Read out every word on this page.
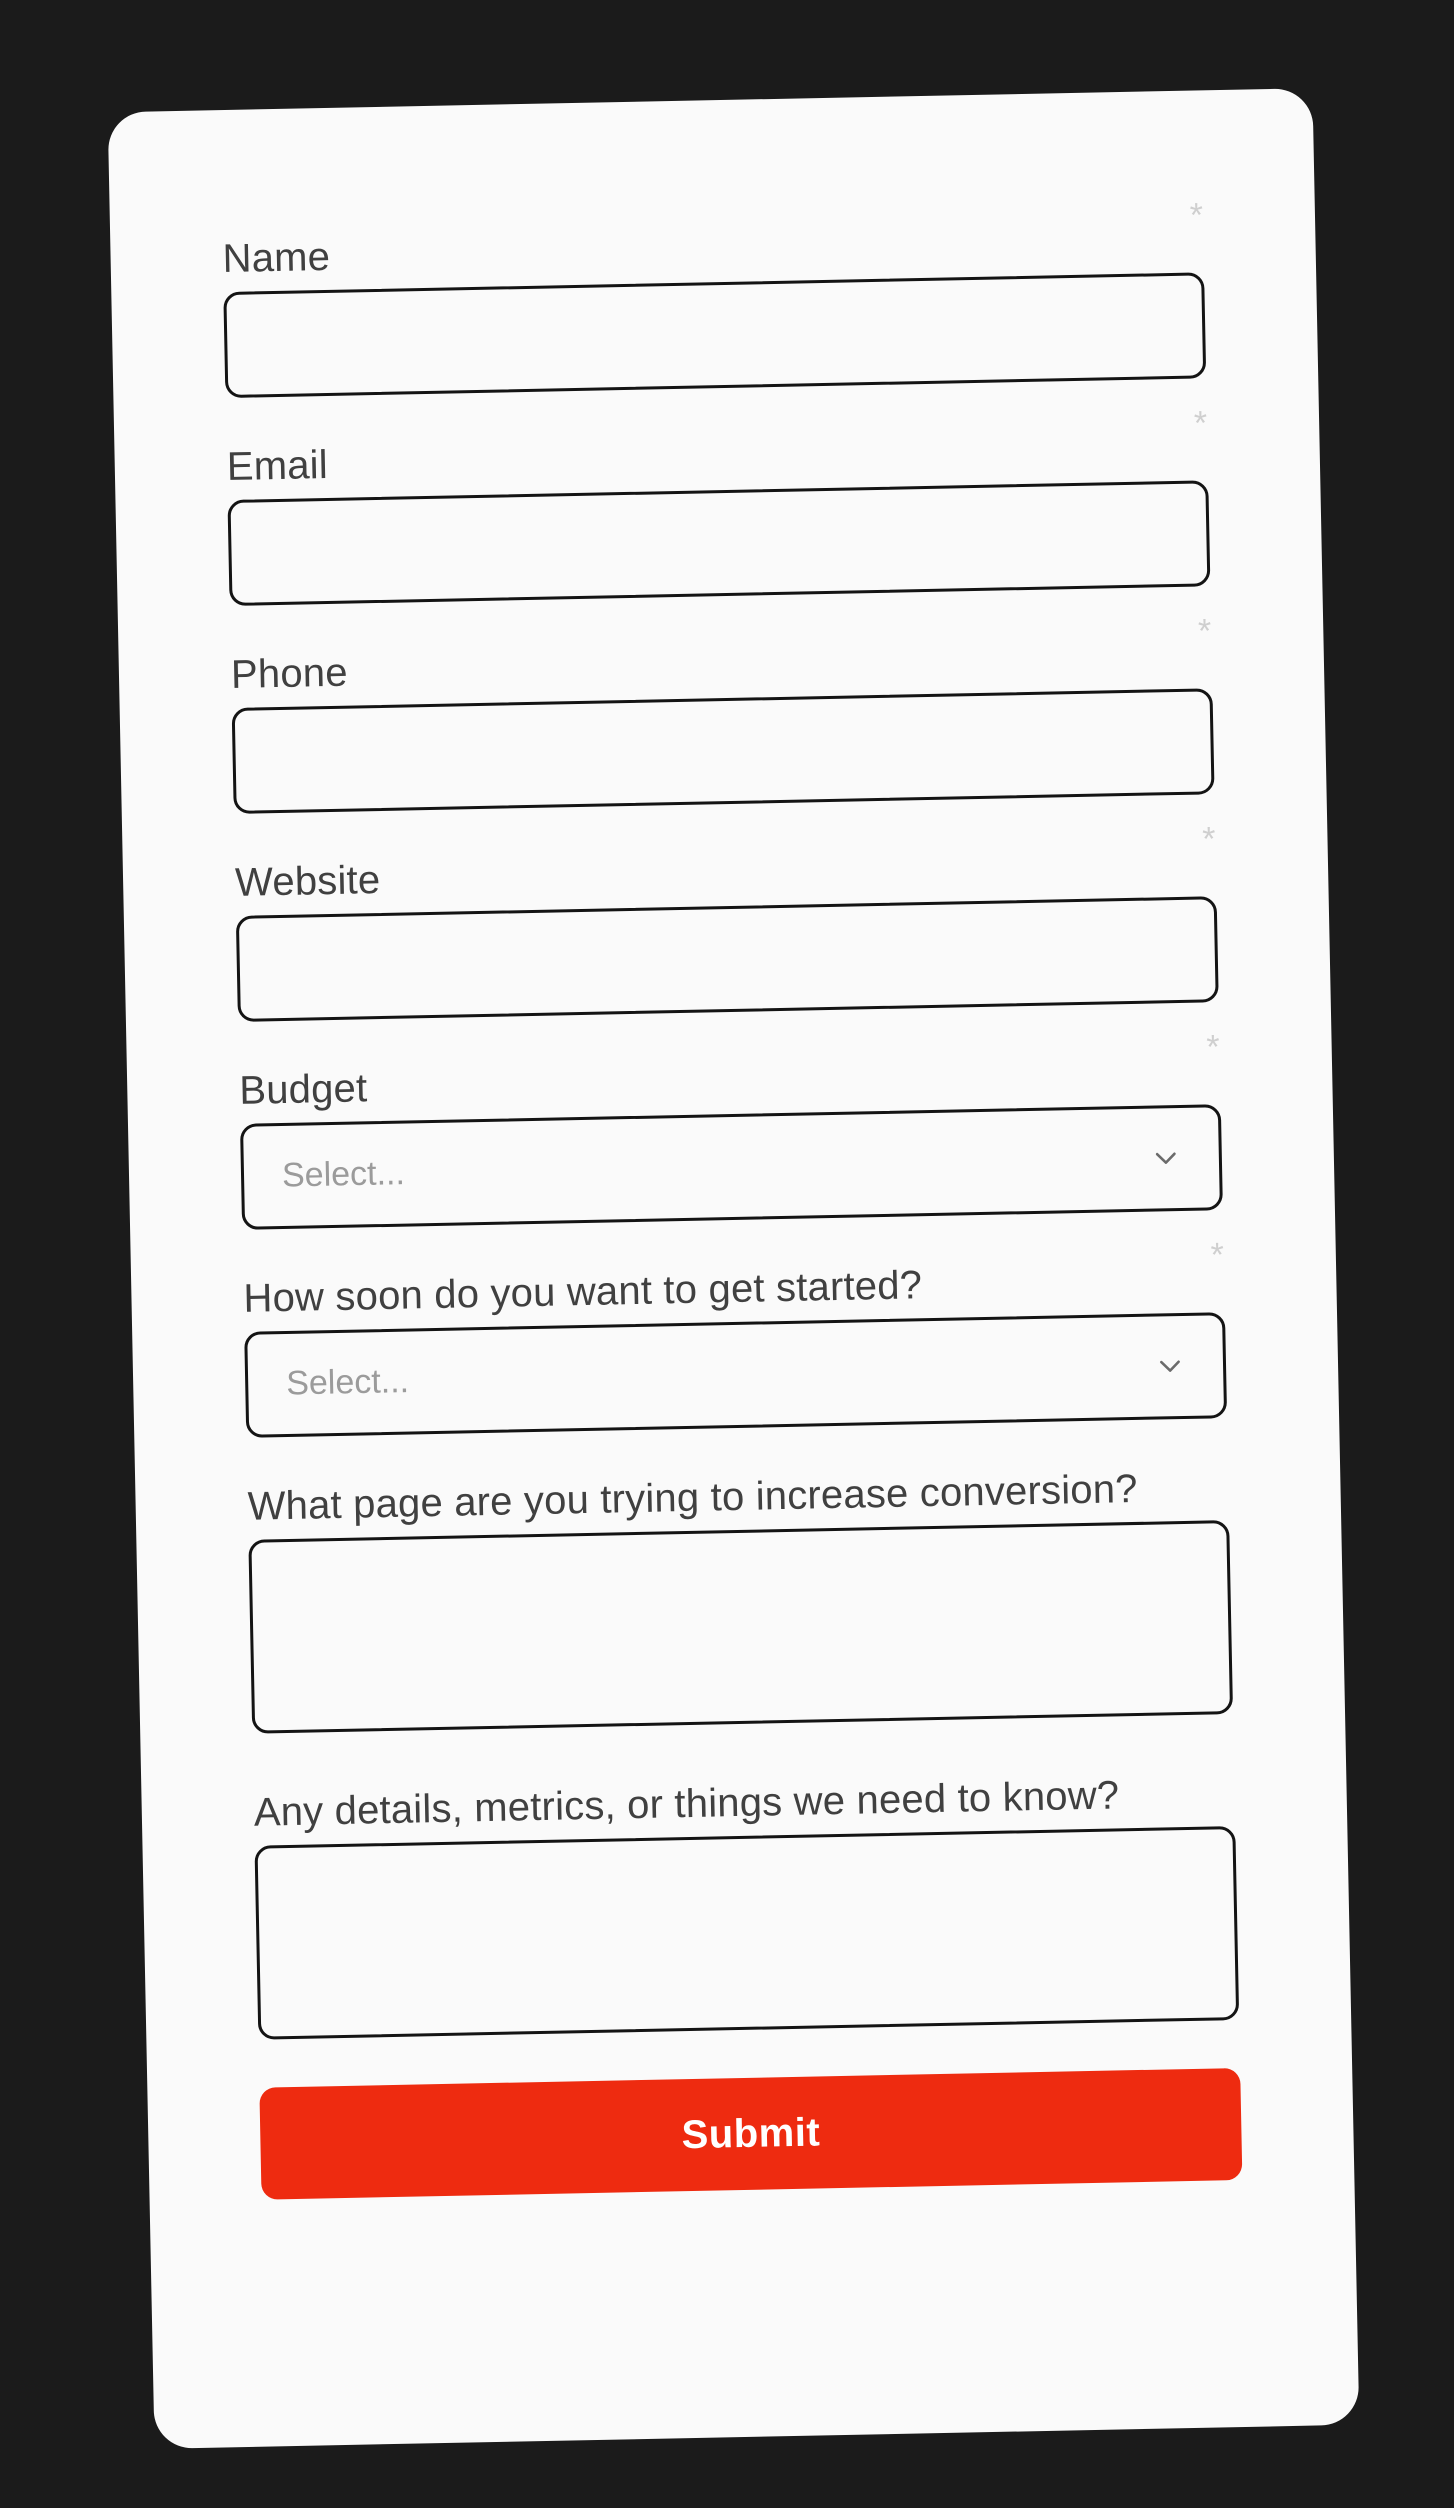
Name
*
Email
*
Phone
*
Website
*
Budget
*
Select...
How soon do you want to get started?
*
Select...
What page are you trying to increase conversion?
Any details, metrics, or things we need to know?
Submit
